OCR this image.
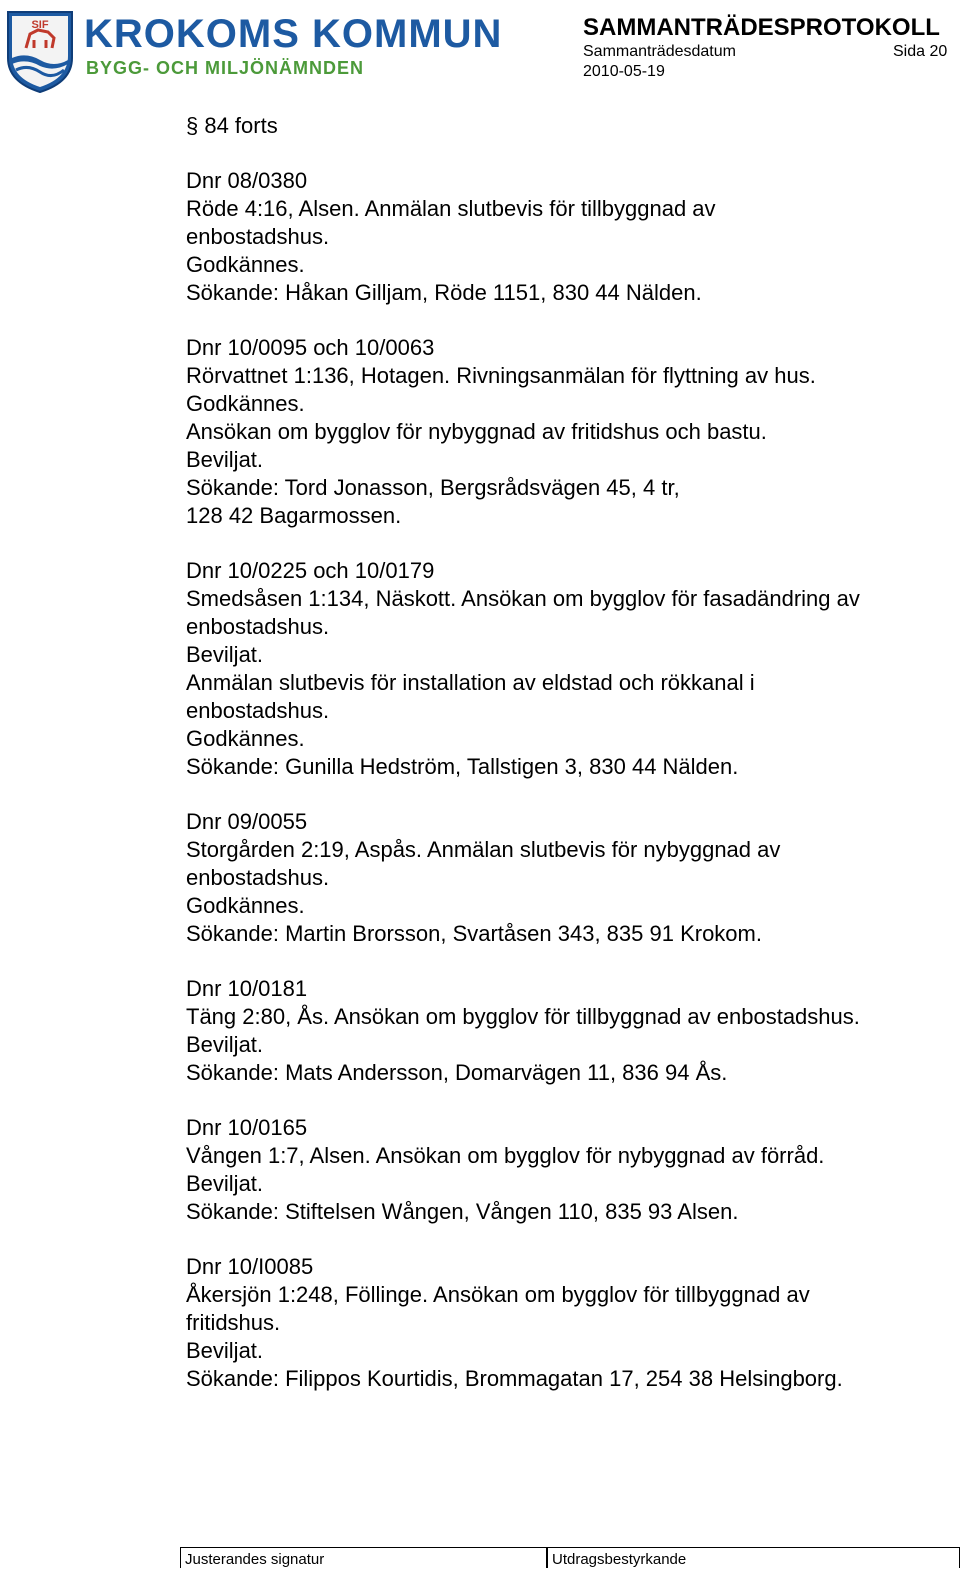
SIF KROKOMS KOMMUN
BYGG- OCH MILJÖNÄMNDEN
SAMMANTRÄDESPROTOKOLL
Sammanträdesdatum	Sida 20
2010-05-19

§ 84 forts

Dnr 08/0380

Röde 4:16, Alsen. Anmälan slutbevis för tillbyggnad av

enbostadshus.

Godkännes.

Sökande: Håkan Gilljam, Röde 1151, 830 44 Nälden.

Dnr 10/0095 och 10/0063

Rörvattnet 1:136, Hotagen. Rivningsanmälan för flyttning av hus.

Godkännes.

Ansökan om bygglov för nybyggnad av fritidshus och bastu.

Beviljat.

Sökande: Tord Jonasson, Bergsrådsvägen 45, 4 tr,

128 42 Bagarmossen.

Dnr 10/0225 och 10/0179

Smedsåsen 1:134, Näskott. Ansökan om bygglov för fasadändring av

enbostadshus.

Beviljat.

Anmälan slutbevis för installation av eldstad och rökkanal i

enbostadshus.

Godkännes.

Sökande: Gunilla Hedström, Tallstigen 3, 830 44 Nälden.

Dnr 09/0055

Storgården 2:19, Aspås. Anmälan slutbevis för nybyggnad av

enbostadshus.

Godkännes.

Sökande: Martin Brorsson, Svartåsen 343, 835 91 Krokom.

Dnr 10/0181

Täng 2:80, Ås. Ansökan om bygglov för tillbyggnad av enbostadshus.

Beviljat.

Sökande: Mats Andersson, Domarvägen 11, 836 94 Ås.

Dnr 10/0165

Vången 1:7, Alsen. Ansökan om bygglov för nybyggnad av förråd.

Beviljat.

Sökande: Stiftelsen Wången, Vången 110, 835 93 Alsen.

Dnr 10/I0085

Åkersjön 1:248, Föllinge. Ansökan om bygglov för tillbyggnad av

fritidshus.

Beviljat.

Sökande: Filippos Kourtidis, Brommagatan 17, 254 38 Helsingborg.

Justerandes signatur	Utdragsbestyrkande
